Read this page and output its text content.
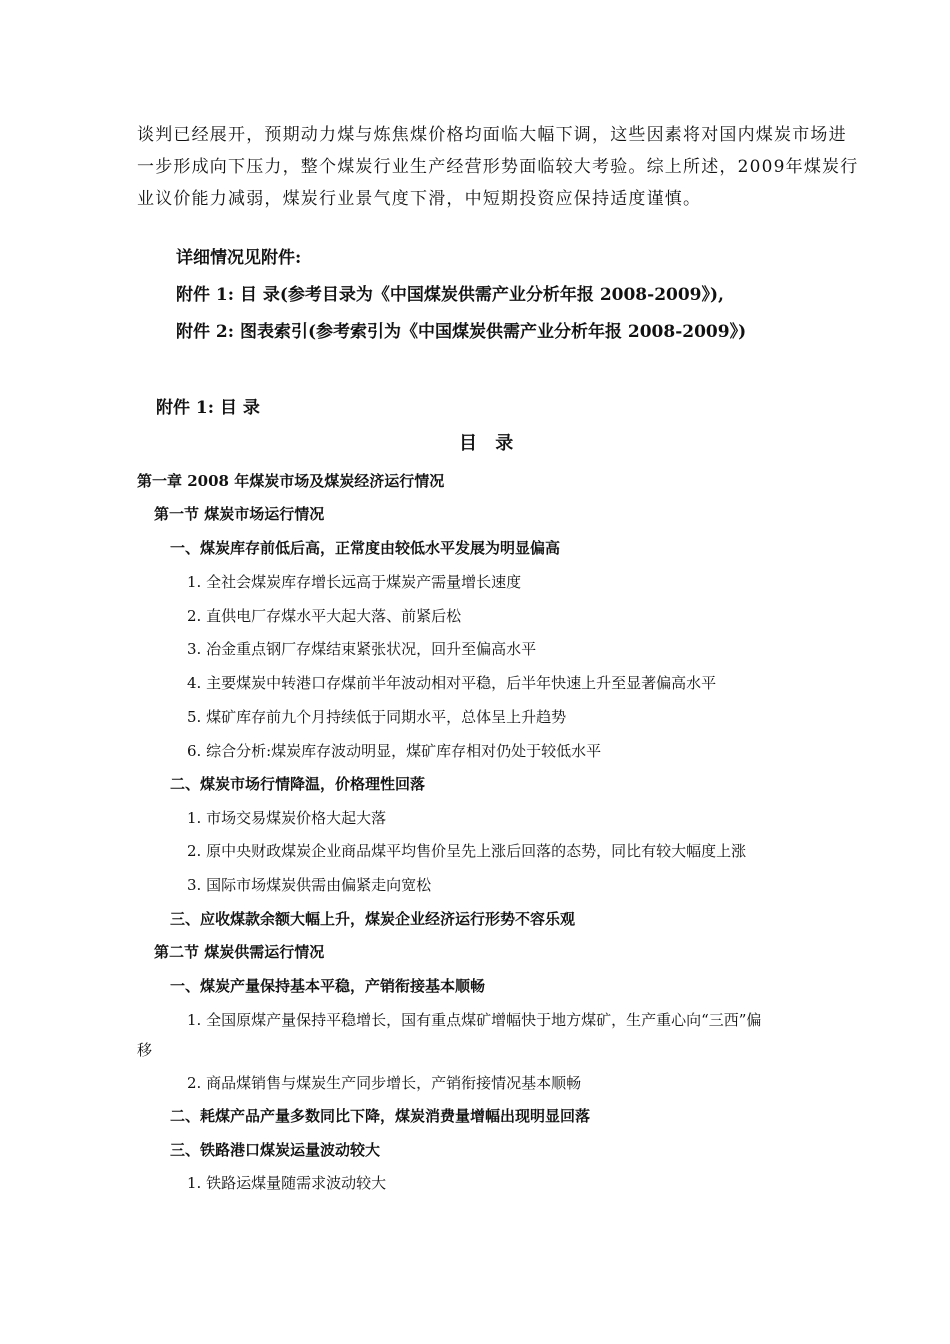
谈判已经展开，预期动力煤与炼焦煤价格均面临大幅下调，这些因素将对国内煤炭市场进一步形成向下压力，整个煤炭行业生产经营形势面临较大考验。综上所述，2009年煤炭行业议价能力减弱，煤炭行业景气度下滑，中短期投资应保持适度谨慎。
详细情况见附件:
附件 1: 目 录(参考目录为《中国煤炭供需产业分析年报 2008-2009》),
附件 2: 图表索引(参考索引为《中国煤炭供需产业分析年报 2008-2009》)
附件 1: 目 录
目 录
第一章 2008 年煤炭市场及煤炭经济运行情况
第一节 煤炭市场运行情况
一、煤炭库存前低后高，正常度由较低水平发展为明显偏高
1. 全社会煤炭库存增长远高于煤炭产需量增长速度
2. 直供电厂存煤水平大起大落、前紧后松
3. 冶金重点钢厂存煤结束紧张状况，回升至偏高水平
4. 主要煤炭中转港口存煤前半年波动相对平稳，后半年快速上升至显著偏高水平
5. 煤矿库存前九个月持续低于同期水平，总体呈上升趋势
6. 综合分析:煤炭库存波动明显，煤矿库存相对仍处于较低水平
二、煤炭市场行情降温，价格理性回落
1. 市场交易煤炭价格大起大落
2. 原中央财政煤炭企业商品煤平均售价呈先上涨后回落的态势，同比有较大幅度上涨
3. 国际市场煤炭供需由偏紧走向宽松
三、应收煤款余额大幅上升，煤炭企业经济运行形势不容乐观
第二节 煤炭供需运行情况
一、煤炭产量保持基本平稳，产销衔接基本顺畅
1. 全国原煤产量保持平稳增长，国有重点煤矿增幅快于地方煤矿，生产重心向“三西”偏
移
2. 商品煤销售与煤炭生产同步增长，产销衔接情况基本顺畅
二、耗煤产品产量多数同比下降，煤炭消费量增幅出现明显回落
三、铁路港口煤炭运量波动较大
1. 铁路运煤量随需求波动较大
